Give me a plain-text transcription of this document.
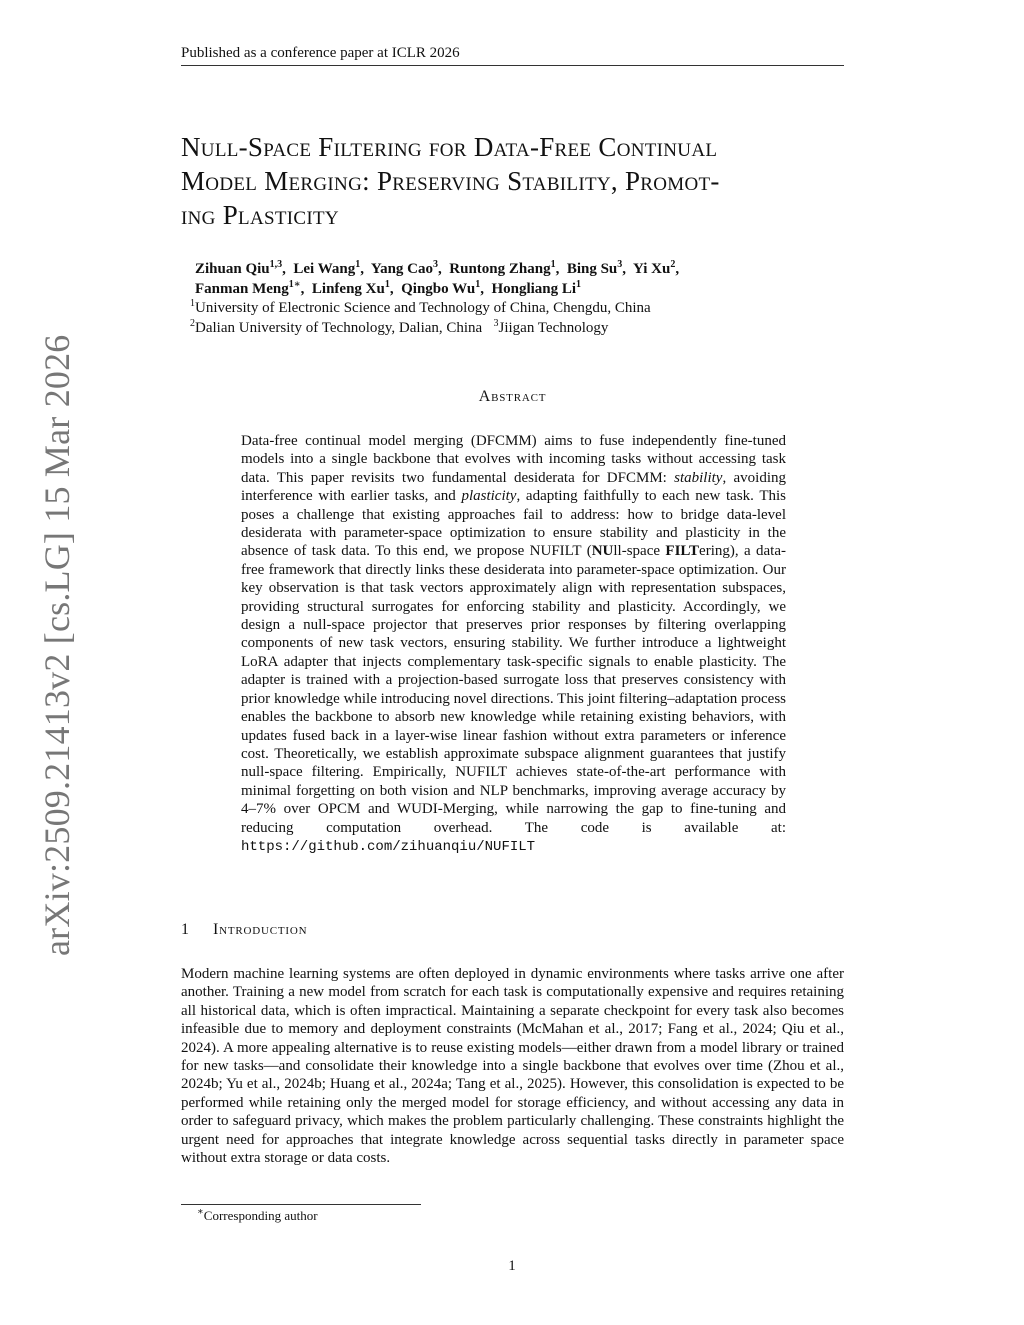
Published as a conference paper at ICLR 2026
arXiv:2509.21413v2 [cs.LG] 15 Mar 2026
Null-Space Filtering for Data-Free Continual
Model Merging: Preserving Stability, Promot-
ing Plasticity
Zihuan Qiu$^{1,3}$,  Lei Wang$^1$,  Yang Cao$^3$,  Runtong Zhang$^1$,  Bing Su$^3$,  Yi Xu$^2$,
Fanman Meng$^{1∗}$,  Linfeng Xu$^1$,  Qingbo Wu$^1$,  Hongliang Li$^1$
$^1$University of Electronic Science and Technology of China, Chengdu, China
$^2$Dalian University of Technology, Dalian, China $^3$Jiigan Technology
Abstract

Data-free continual model merging (DFCMM) aims to fuse independently fine-tuned models into a single backbone that evolves with incoming tasks without accessing task data. This paper revisits two fundamental desiderata for DFCMM: stability, avoiding interference with earlier tasks, and plasticity, adapting faithfully to each new task. This poses a challenge that existing approaches fail to address: how to bridge data-level desiderata with parameter-space optimization to ensure stability and plasticity in the absence of task data. To this end, we propose NUFILT (NUll-space FILTering), a data-free framework that directly links these desiderata into parameter-space optimization. Our key observation is that task vectors approximately align with representation subspaces, providing structural surrogates for enforcing stability and plasticity. Accordingly, we design a null-space projector that preserves prior responses by filtering overlapping components of new task vectors, ensuring stability. We further introduce a lightweight LoRA adapter that injects complementary task-specific signals to enable plasticity. The adapter is trained with a projection-based surrogate loss that preserves consistency with prior knowledge while introducing novel directions. This joint filtering–adaptation process enables the backbone to absorb new knowledge while retaining existing behaviors, with updates fused back in a layer-wise linear fashion without extra parameters or inference cost. Theoretically, we establish approximate subspace alignment guarantees that justify null-space filtering. Empirically, NUFILT achieves state-of-the-art performance with minimal forgetting on both vision and NLP benchmarks, improving average accuracy by 4–7% over OPCM and WUDI-Merging, while narrowing the gap to fine-tuning and reducing computation overhead. The code is available at: https://github.com/zihuanqiu/NUFILT

1 Introduction

Modern machine learning systems are often deployed in dynamic environments where tasks arrive one after another. Training a new model from scratch for each task is computationally expensive and requires retaining all historical data, which is often impractical. Maintaining a separate checkpoint for every task also becomes infeasible due to memory and deployment constraints (McMahan et al., 2017; Fang et al., 2024; Qiu et al., 2024). A more appealing alternative is to reuse existing models—either drawn from a model library or trained for new tasks—and consolidate their knowledge into a single backbone that evolves over time (Zhou et al., 2024b; Yu et al., 2024b; Huang et al., 2024a; Tang et al., 2025). However, this consolidation is expected to be performed while retaining only the merged model for storage efficiency, and without accessing any data in order to safeguard privacy, which makes the problem particularly challenging. These constraints highlight the urgent need for approaches that integrate knowledge across sequential tasks directly in parameter space without extra storage or data costs.

∗Corresponding author
1
